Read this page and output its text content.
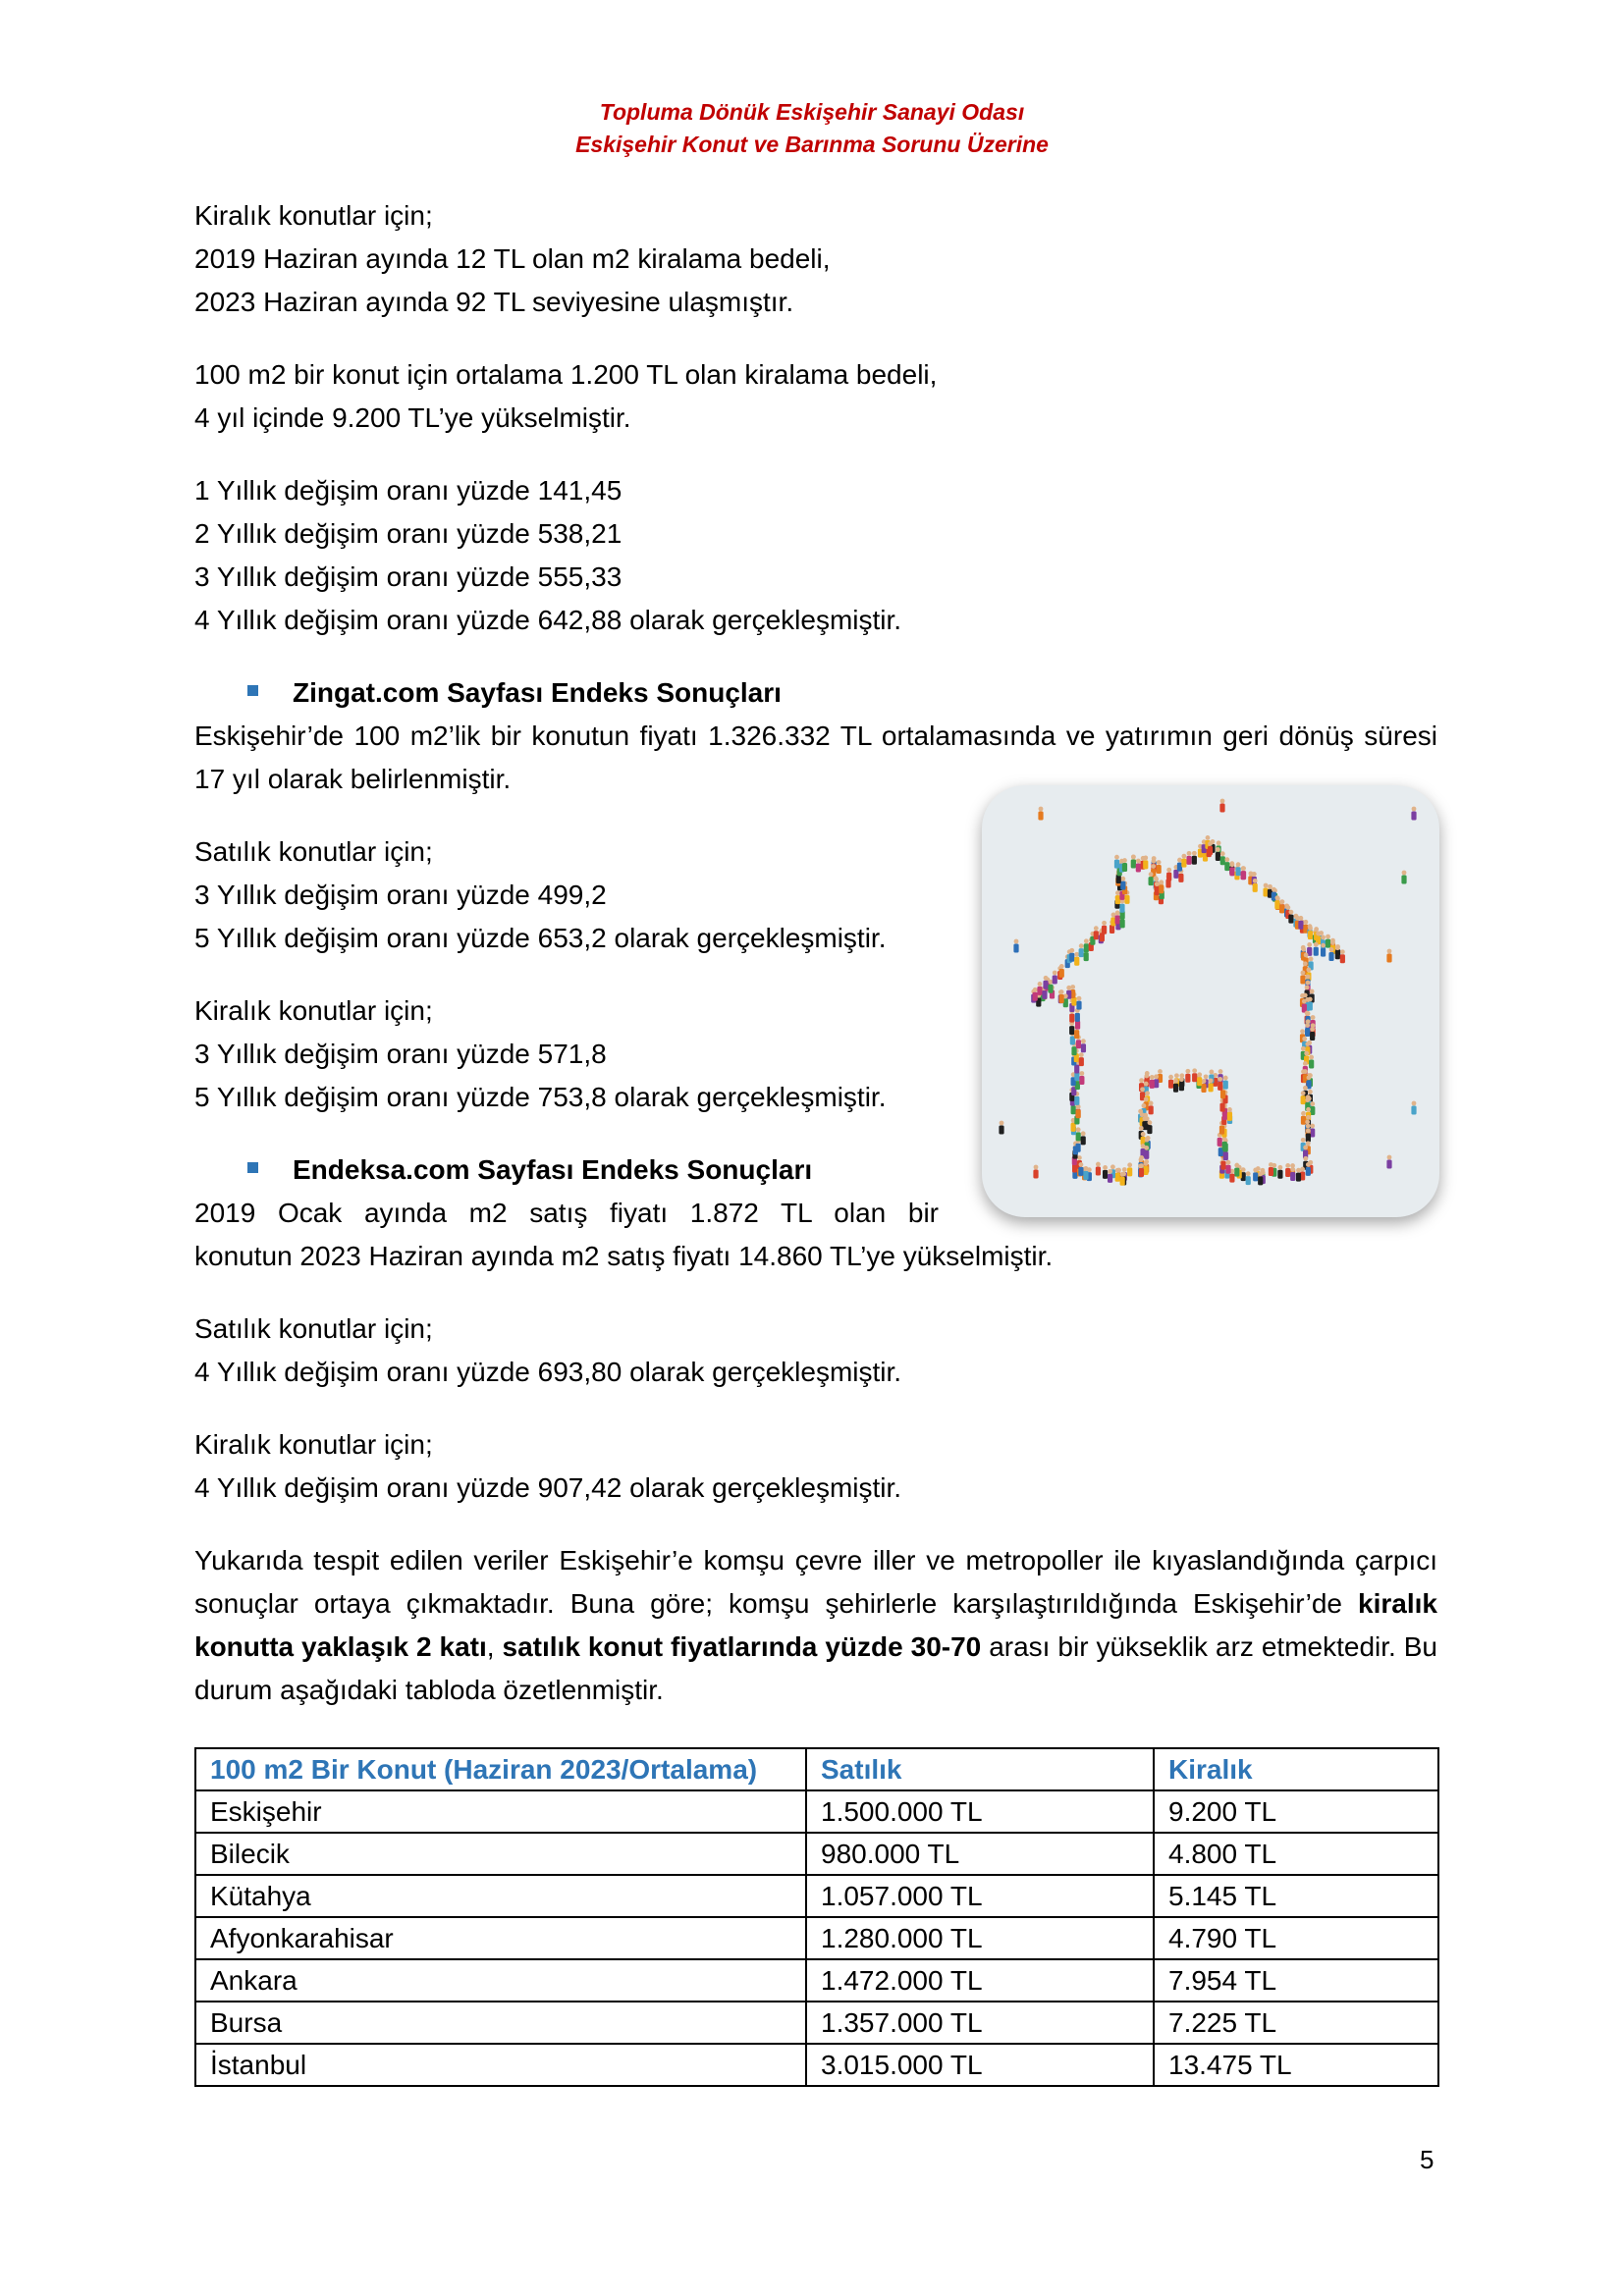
Topluma Dönük Eskişehir Sanayi Odası
Eskişehir Konut ve Barınma Sorunu Üzerine

Kiralık konutlar için;
2019 Haziran ayında 12 TL olan m2 kiralama bedeli,
2023 Haziran ayında 92 TL seviyesine ulaşmıştır.

100 m2 bir konut için ortalama 1.200 TL olan kiralama bedeli,
4 yıl içinde 9.200 TL’ye yükselmiştir.

1 Yıllık değişim oranı yüzde 141,45
2 Yıllık değişim oranı yüzde 538,21
3 Yıllık değişim oranı yüzde 555,33
4 Yıllık değişim oranı yüzde 642,88 olarak gerçekleşmiştir.

Zingat.com Sayfası Endeks Sonuçları

Eskişehir’de 100 m2’lik bir konutun fiyatı 1.326.332 TL ortalamasında ve yatırımın geri dönüş süresi 17 yıl olarak belirlenmiştir.

Satılık konutlar için;
3 Yıllık değişim oranı yüzde 499,2
5 Yıllık değişim oranı yüzde 653,2 olarak gerçekleşmiştir.

Kiralık konutlar için;
3 Yıllık değişim oranı yüzde 571,8
5 Yıllık değişim oranı yüzde 753,8 olarak gerçekleşmiştir.

Endeksa.com Sayfası Endeks Sonuçları

2019 Ocak ayında m2 satış fiyatı 1.872 TL olan bir
konutun 2023 Haziran ayında m2 satış fiyatı 14.860 TL’ye yükselmiştir.

Satılık konutlar için;
4 Yıllık değişim oranı yüzde 693,80 olarak gerçekleşmiştir.

Kiralık konutlar için;
4 Yıllık değişim oranı yüzde 907,42 olarak gerçekleşmiştir.

Yukarıda tespit edilen veriler Eskişehir’e komşu çevre iller ve metropoller ile kıyaslandığında çarpıcı sonuçlar ortaya çıkmaktadır. Buna göre; komşu şehirlerle karşılaştırıldığında Eskişehir’de kiralık konutta yaklaşık 2 katı, satılık konut fiyatlarında yüzde 30-70 arası bir yükseklik arz etmektedir. Bu durum aşağıdaki tabloda özetlenmiştir.

100 m2 Bir Konut (Haziran 2023/Ortalama)	Satılık	Kiralık
Eskişehir	1.500.000 TL	9.200 TL
Bilecik	980.000 TL	4.800 TL
Kütahya	1.057.000 TL	5.145 TL
Afyonkarahisar	1.280.000 TL	4.790 TL
Ankara	1.472.000 TL	7.954 TL
Bursa	1.357.000 TL	7.225 TL
İstanbul	3.015.000 TL	13.475 TL
5
